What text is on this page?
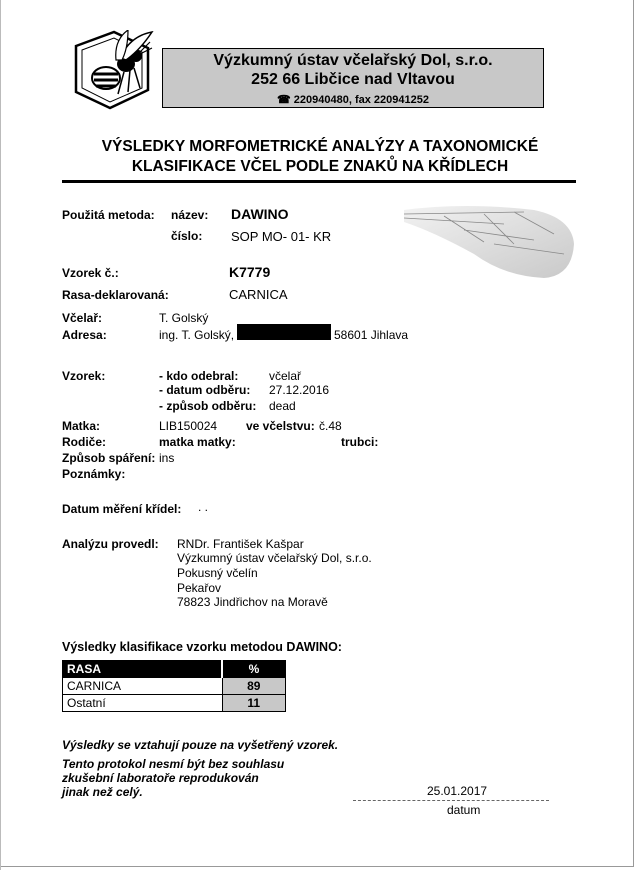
Výzkumný ústav včelařský Dol, s.r.o.
252 66 Libčice nad Vltavou
☎ 220940480, fax 220941252
VÝSLEDKY MORFOMETRICKÉ ANALÝZY A TAXONOMICKÉ
KLASIFIKACE VČEL PODLE ZNAKŮ NA KŘÍDLECH
Použitá metoda: název: DAWINO
číslo: SOP MO- 01- KR
Vzorek č.:	K7779
Rasa-deklarovaná:	CARNICA
Včelař:	T. Golský
Adresa:	ing. T. Golský,	58601 Jihlava
Vzorek:	- kdo odebral:	včelař
- datum odběru: 27.12.2016
- způsob odběru: dead
Matka:	LIB150024 ve včelstvu: č.48
Rodiče:	matka matky:	trubci:
Způsob spáření: ins
Poznámky:
Datum měření křídel: . .
Analýzu provedl: RNDr. František Kašpar
Výzkumný ústav včelařský Dol, s.r.o.
Pokusný včelín
Pekařov
78823 Jindřichov na Moravě
Výsledky klasifikace vzorku metodou DAWINO:
RASA	%
CARNICA	89
Ostatní	11
Výsledky se vztahují pouze na vyšetřený vzorek.
Tento protokol nesmí být bez souhlasu
zkušební laboratoře reprodukován
jinak než celý.	25.01.2017
datum
